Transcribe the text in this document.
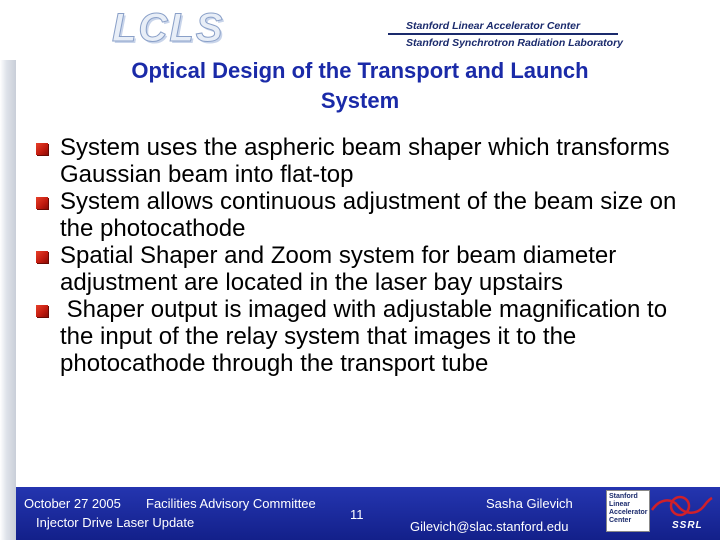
LCLS	Stanford Linear Accelerator Center
Stanford Synchrotron Radiation Laboratory
Optical Design of the Transport and Launch
System
System uses the aspheric beam shaper which transforms Gaussian beam into flat-top
System allows continuous adjustment of the beam size on the photocathode
Spatial Shaper and Zoom system for beam diameter adjustment are located in the laser bay upstairs
Shaper output is imaged with adjustable magnification to the input of the relay system that images it to the photocathode through the transport tube
October 27 2005 Facilities Advisory Committee
Injector Drive Laser Update
11
Sasha Gilevich
Gilevich@slac.stanford.edu
Stanford
Linear
Accelerator
Center	SSRL
